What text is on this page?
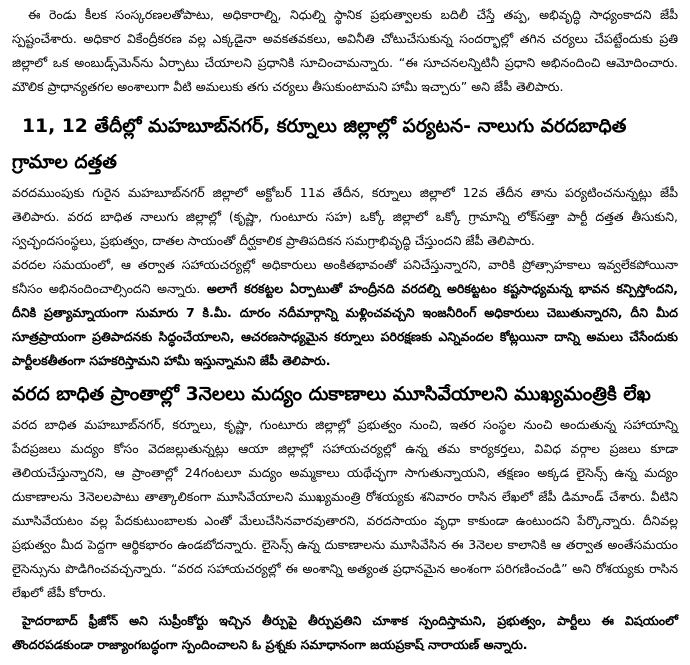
ఈ రెండు కీలక సంస్కరణలతోపాటు, అధికారాల్ని, నిధుల్ని స్థానిక ప్రభుత్వాలకు బదిలీ చేస్తే తప్ప, అభివృద్ధి సాధ్యంకాదని జేపీ స్పష్టంచేశారు. అధికార వికేంద్రీకరణ వల్ల ఎక్కడైనా అవకతవకలు, అవినీతి చోటుచేసుకున్న సందర్భాల్లో తగిన చర్యలు చేపట్టేందుకు ప్రతి జిల్లాలో ఒక అంబుడ్స్‌మెన్‌ను ఏర్పాటు చేయాలని ప్రధానికి సూచించామన్నారు. “ఈ సూచనలన్నిటినీ ప్రధాని అభినందించి ఆమోదించారు. మౌలిక ప్రాధాన్యతగల అంశాలుగా వీటి అమలుకు తగు చర్యలు తీసుకుంటామని హామీ ఇచ్చారు” అని జేపీ తెలిపారు.

11, 12 తేదీల్లో మహబూబ్‌నగర్, కర్నూలు జిల్లాల్లో పర్యటన- నాలుగు వరదబాధిత గ్రామాల దత్తత

వరదముంపుకు గురైన మహబూబ్‌నగర్ జిల్లాలో అక్టోబర్ 11వ తేదీన, కర్నూలు జిల్లాలో 12వ తేదీన తాను పర్యటించనున్నట్లు జేపీ తెలిపారు. వరద బాధిత నాలుగు జిల్లాల్లో (కృష్ణా, గుంటూరు సహ) ఒక్కో జిల్లాలో ఒక్కో గ్రామాన్ని లోక్‌సత్తా పార్టీ దత్తత తీసుకుని, స్వచ్ఛందసంస్థలు, ప్రభుత్వం, దాతల సాయంతో దీర్ఘకాలిక ప్రాతిపదికన సమగ్రాభివృద్ధి చేస్తుందని జేపీ తెలిపారు.

వరదల సమయంలో, ఆ తర్వాత సహాయచర్యల్లో అధికారులు అంకితభావంతో పనిచేస్తున్నారని, వారికి ప్రోత్సాహకాలు ఇవ్వలేకపోయినా కనీసం అభినందించాల్సిందని అన్నారు. అలాగే కరకట్టల ఏర్పాటుతో హంద్రీనది వరదల్ని అరికట్టటం కష్టసాధ్యమన్న భావన కన్పిస్తోందని, దీనికి ప్రత్యామ్నాయంగా సుమారు 7 కి.మీ. దూరం నదీమార్గాన్ని మళ్లించవచ్చని ఇంజనీరింగ్ అధికారులు చెబుతున్నారని, దీని మీద సూత్రప్రాయంగా ప్రతిపాదనకు సిద్ధంచేయాలని, ఆచరణసాధ్యమైన కర్నూలు పరిరక్షణకు ఎన్నివందల కోట్లయినా దాన్ని అమలు చేసేందుకు పార్టీలకతీతంగా సహకరిస్తామని హామీ ఇస్తున్నామని జేపీ తెలిపారు.

వరద బాధిత ప్రాంతాల్లో 3నెలలు మద్యం దుకాణాలు మూసివేయాలని ముఖ్యమంత్రికి లేఖ

వరద బాధిత మహబూబ్‌నగర్, కర్నూలు, కృష్ణా, గుంటూరు జిల్లాల్లో ప్రభుత్వం నుంచి, ఇతర సంస్థల నుంచి అందుతున్న సహాయాన్ని పేదప్రజలు మద్యం కోసం వెదజల్లుతున్నట్లు ఆయా జిల్లాల్లో సహాయచర్యల్లో ఉన్న తమ కార్యకర్తలు, వివిధ వర్గాల ప్రజలు కూడా తెలియచేస్తున్నారని, ఆ ప్రాంతాల్లో 24గంటలూ మద్యం అమ్మకాలు యథేచ్ఛగా సాగుతున్నాయని, తక్షణం అక్కడ లైసెన్స్ ఉన్న మద్యం దుకాణాలను 3నెలలపాటు తాత్కాలికంగా మూసివేయాలని ముఖ్యమంత్రి రోశయ్యకు శనివారం రాసిన లేఖలో జేపీ డిమాండ్ చేశారు. వీటిని మూసివేయటం వల్ల పేదకుటుంబాలకు ఎంతో మేలుచేసినవారవుతారని, వరదసాయం వృధా కాకుండా ఉంటుందని పేర్కొన్నారు. దీనివల్ల ప్రభుత్వం మీద పెద్దగా ఆర్థికభారం ఉండబోదన్నారు. లైసెన్స్ ఉన్న దుకాణాలను మూసివేసిన ఈ 3నెలల కాలానికి ఆ తర్వాత అంతేసమయం లైసెన్సును పొడిగించవచ్చన్నారు. “వరద సహాయచర్యల్లో ఈ అంశాన్ని అత్యంత ప్రధానమైన అంశంగా పరిగణించండి” అని రోశయ్యకు రాసిన లేఖలో జేపీ కోరారు.

హైదరాబాద్ ఫ్రీజోన్ అని సుప్రీంకోర్టు ఇచ్చిన తీర్పుపై తీర్పుప్రతిని చూశాక స్పందిస్తామని, ప్రభుత్వం, పార్టీలు ఈ విషయంలో తొందరపడకుండా రాజ్యాంగబద్ధంగా స్పందించాలని ఓ ప్రశ్నకు సమాధానంగా జయప్రకాష్ నారాయణ్ అన్నారు.
